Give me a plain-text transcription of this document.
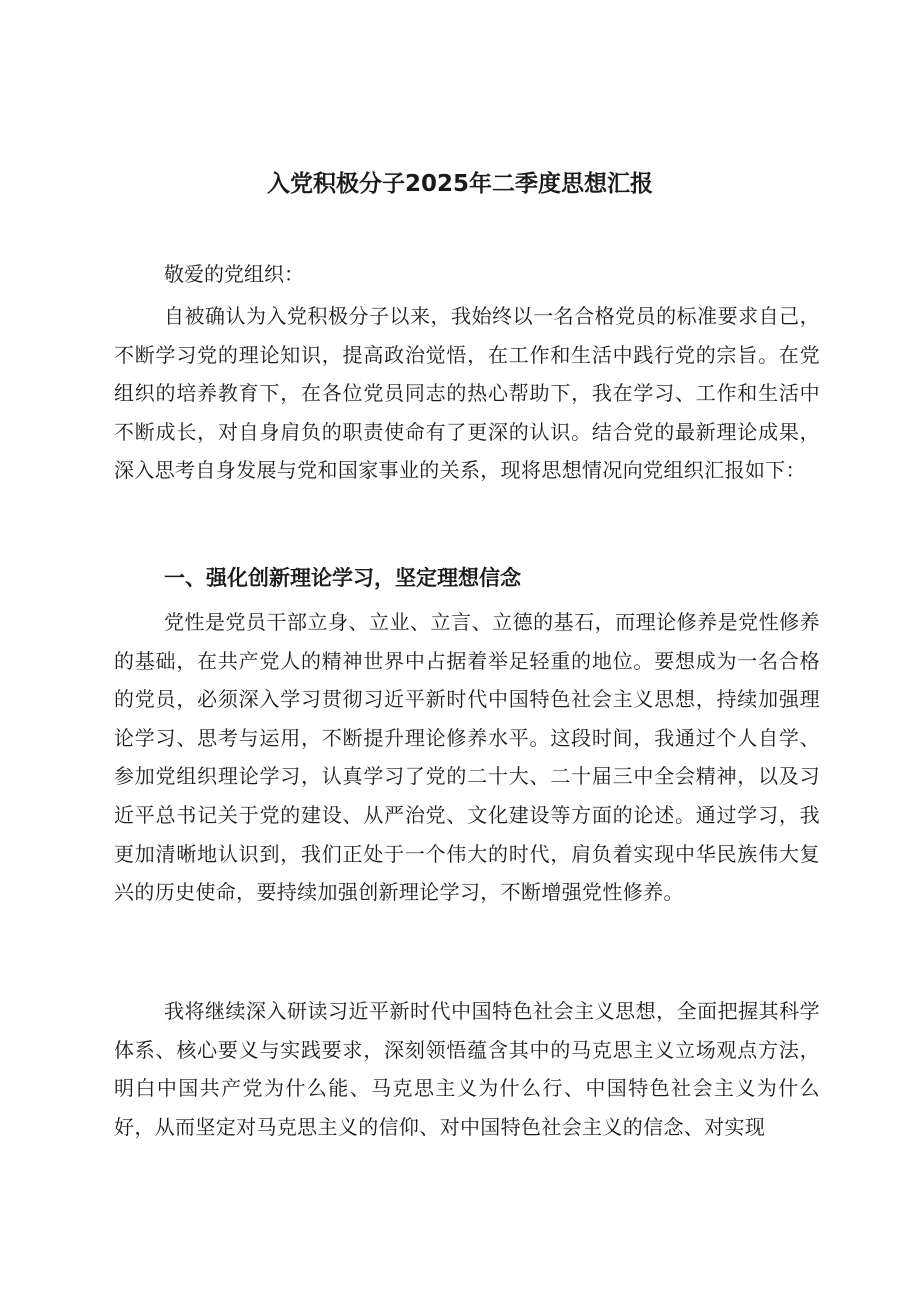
入党积极分子2025年二季度思想汇报

敬爱的党组织：

自被确认为入党积极分子以来，我始终以一名合格党员的标准要求自己，不断学习党的理论知识，提高政治觉悟，在工作和生活中践行党的宗旨。在党组织的培养教育下，在各位党员同志的热心帮助下，我在学习、工作和生活中不断成长，对自身肩负的职责使命有了更深的认识。结合党的最新理论成果，深入思考自身发展与党和国家事业的关系，现将思想情况向党组织汇报如下：

一、强化创新理论学习，坚定理想信念

党性是党员干部立身、立业、立言、立德的基石，而理论修养是党性修养的基础，在共产党人的精神世界中占据着举足轻重的地位。要想成为一名合格的党员，必须深入学习贯彻习近平新时代中国特色社会主义思想，持续加强理论学习、思考与运用，不断提升理论修养水平。这段时间，我通过个人自学、参加党组织理论学习，认真学习了党的二十大、二十届三中全会精神，以及习近平总书记关于党的建设、从严治党、文化建设等方面的论述。通过学习，我更加清晰地认识到，我们正处于一个伟大的时代，肩负着实现中华民族伟大复兴的历史使命，要持续加强创新理论学习，不断增强党性修养。

我将继续深入研读习近平新时代中国特色社会主义思想，全面把握其科学体系、核心要义与实践要求，深刻领悟蕴含其中的马克思主义立场观点方法，明白中国共产党为什么能、马克思主义为什么行、中国特色社会主义为什么好，从而坚定对马克思主义的信仰、对中国特色社会主义的信念、对实现
